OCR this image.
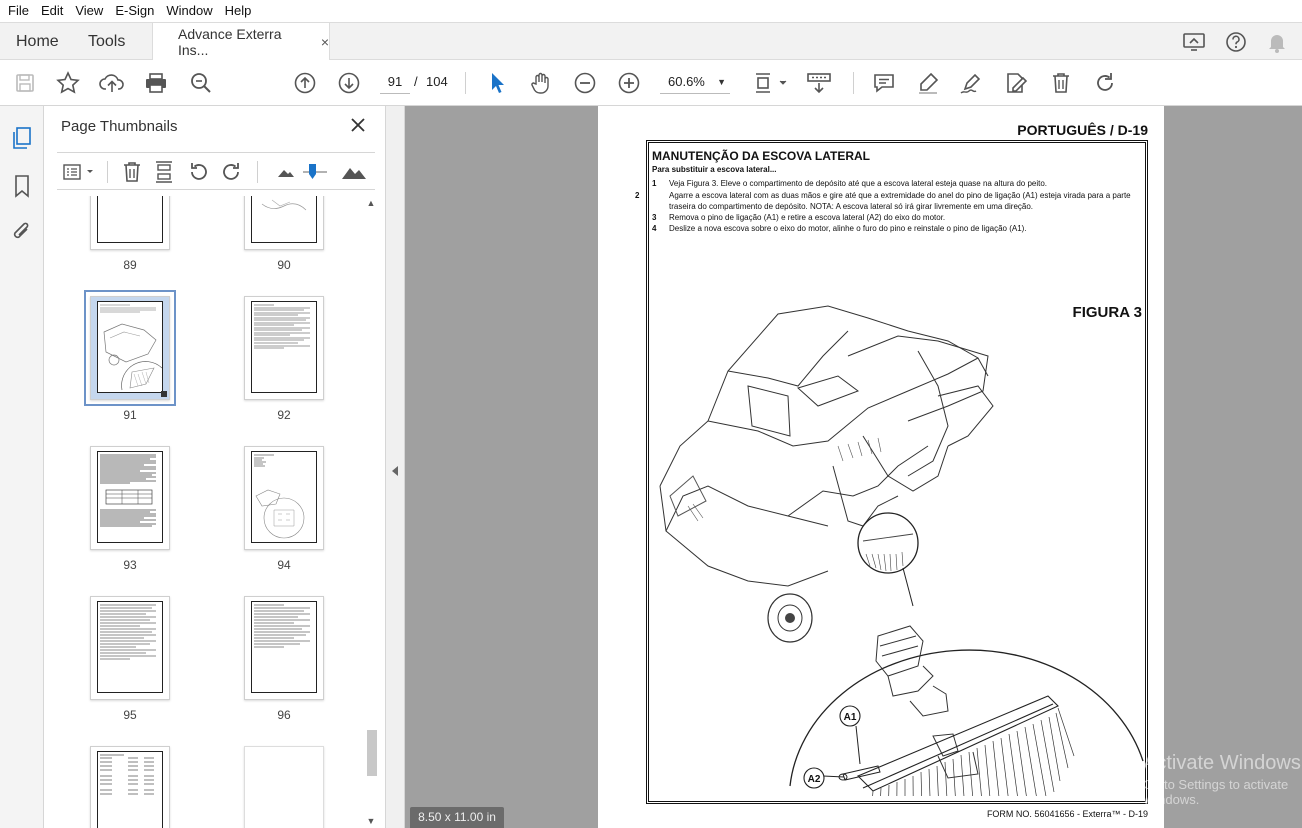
File Edit View E-Sign Window Help
Home Tools	Advance Exterra Ins...	×
91
/ 104	60.6% ▼
Page Thumbnails
89	90
91	92
93	94
95	96
▲
▼
PORTUGUÊS / D-19
MANUTENÇÃO DA ESCOVA LATERAL
Para substituir a escova lateral...
1 Veja Figura 3. Eleve o compartimento de depósito até que a escova lateral esteja quase na altura do peito.
2	Agarre a escova lateral com as duas mãos e gire até que a extremidade do anel do pino de ligação (A1) esteja virada para a parte traseira do compartimento de depósito. NOTA: A escova lateral só irá girar livremente em uma direção.
3 Remova o pino de ligação (A1) e retire a escova lateral (A2) do eixo do motor.
4 Deslize a nova escova sobre o eixo do motor, alinhe o furo do pino e reinstale o pino de ligação (A1).
FIGURA 3
A1
A2
FORM NO. 56041656 - Exterra™ - D-19
8.50 x 11.00 in
Activate Windows
Go to Settings to activate Windows.
